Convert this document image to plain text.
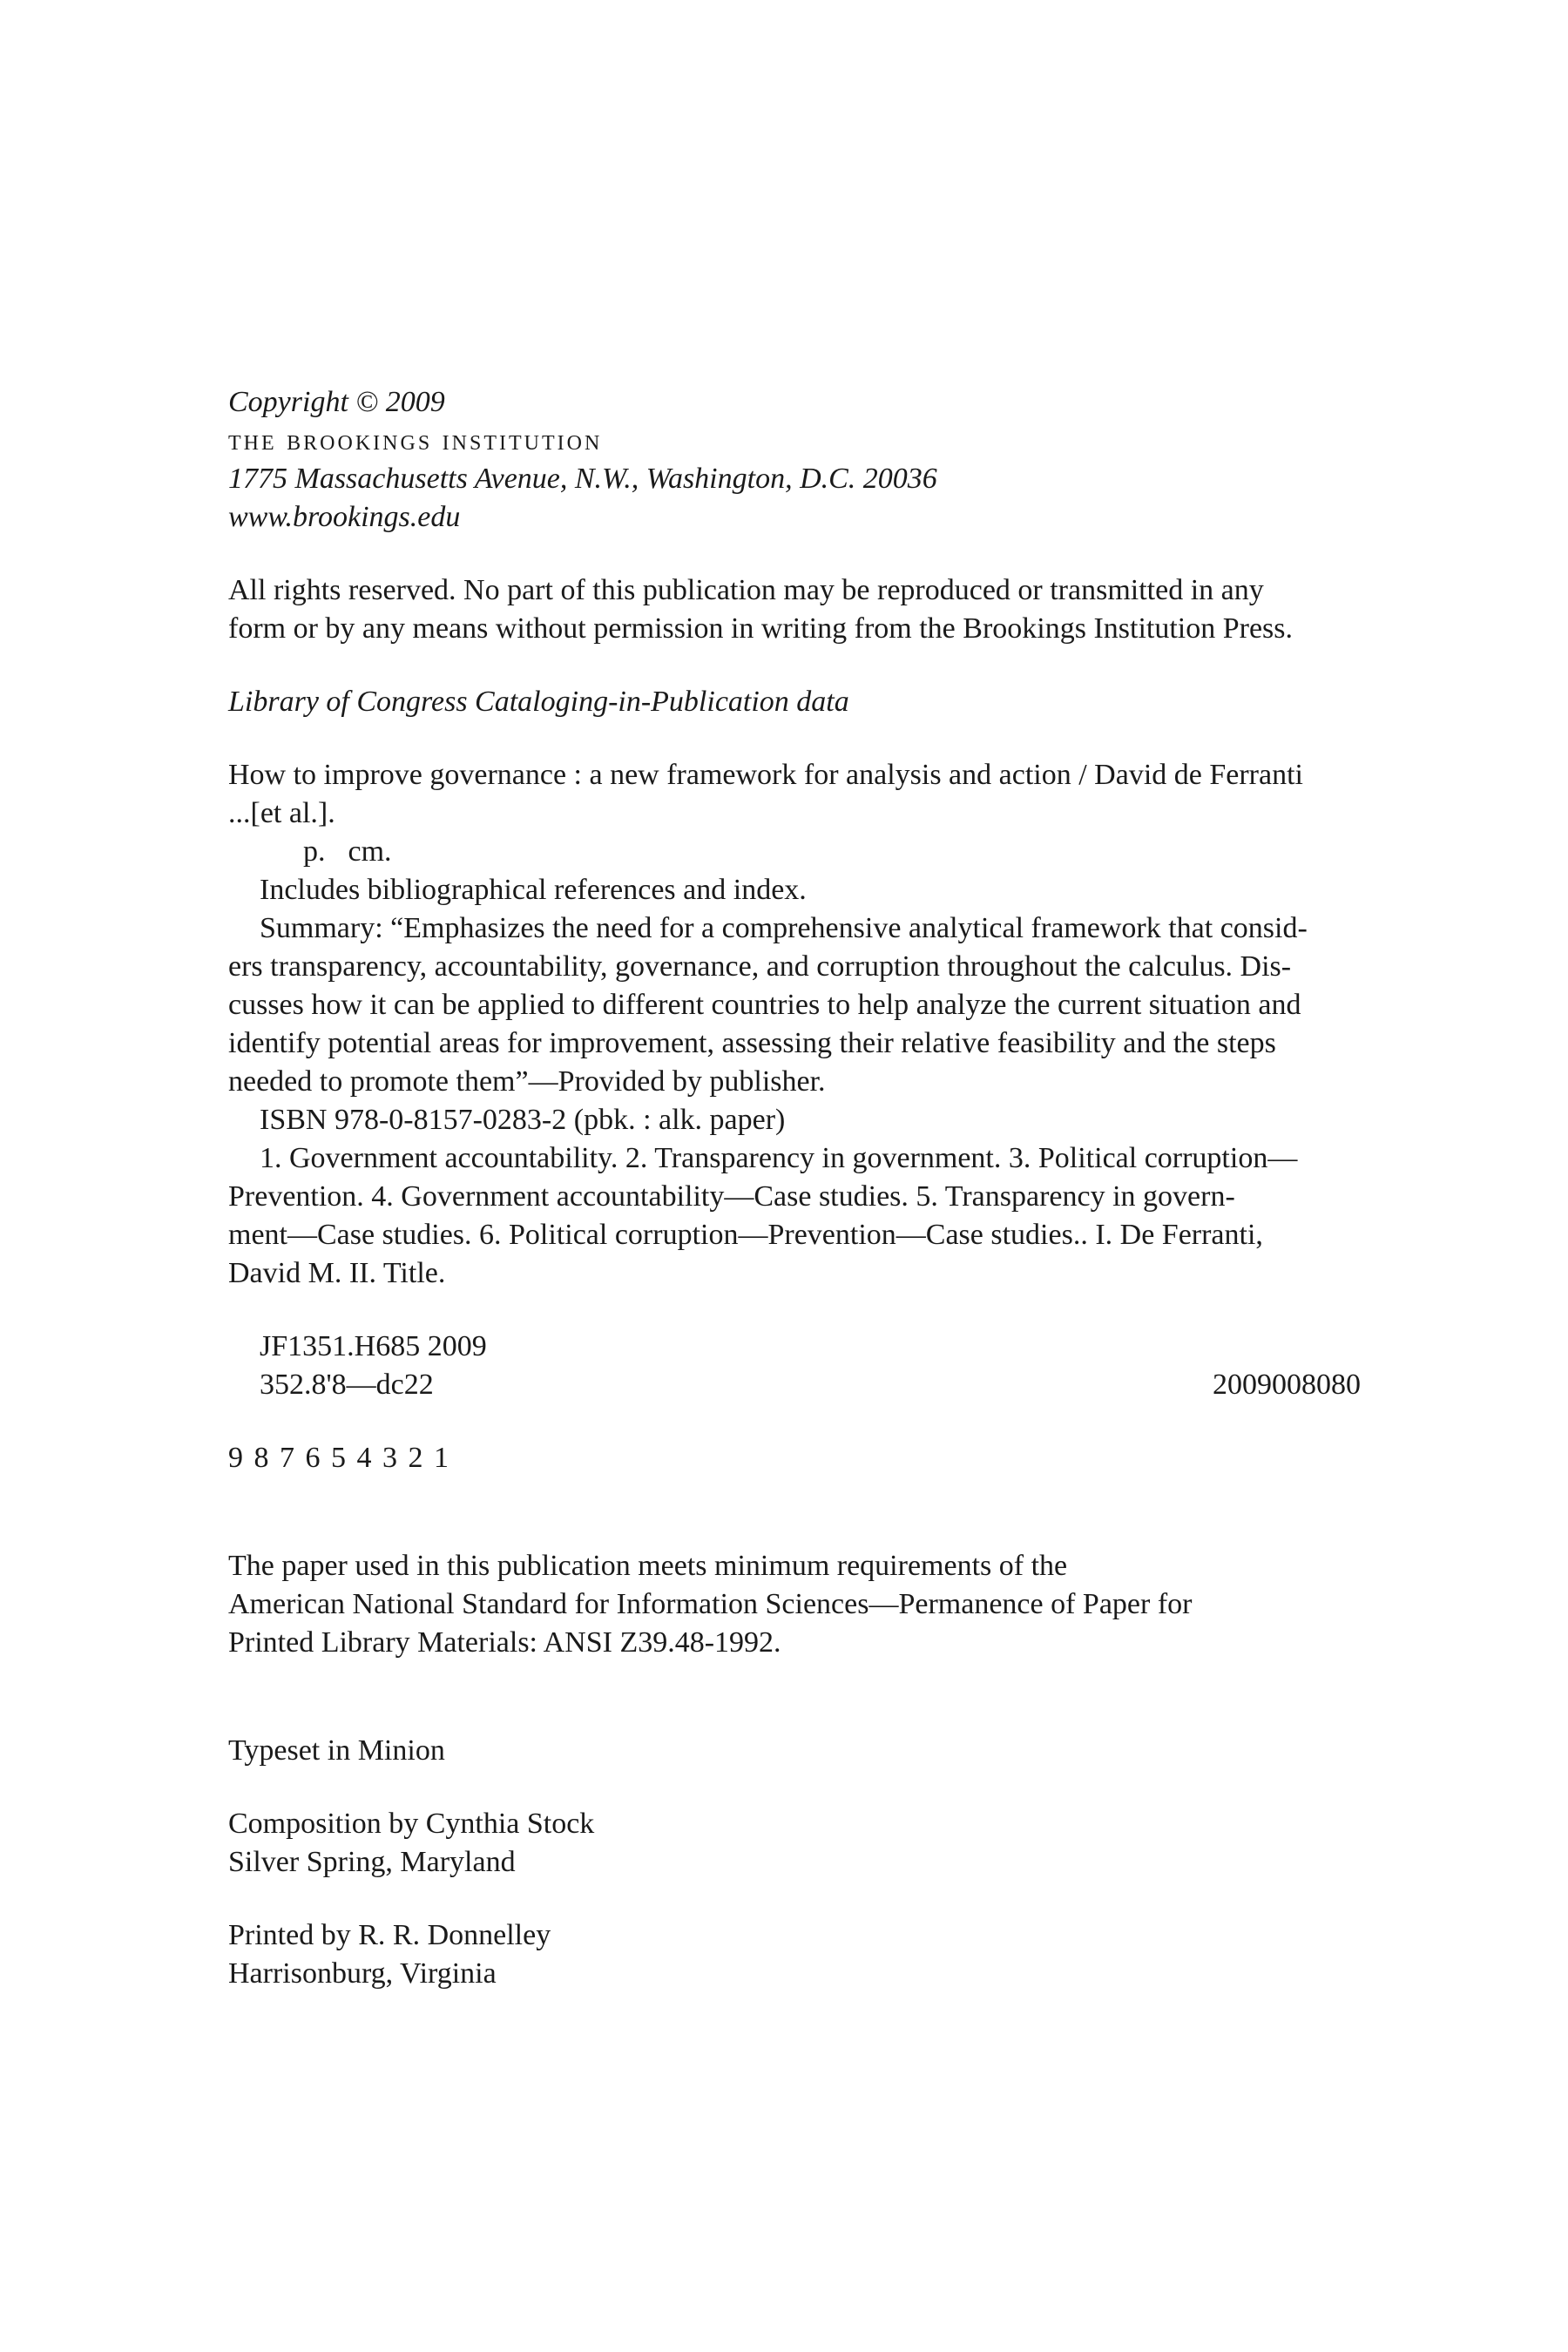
Copyright © 2009

the brookings institution

1775 Massachusetts Avenue, N.W., Washington, D.C. 20036

www.brookings.edu

All rights reserved. No part of this publication may be reproduced or transmitted in any

form or by any means without permission in writing from the Brookings Institution Press.

Library of Congress Cataloging-in-Publication data

How to improve governance : a new framework for analysis and action / David de Ferranti

...[et al.].

p. cm.

Includes bibliographical references and index.

Summary: “Emphasizes the need for a comprehensive analytical framework that consid-

ers transparency, accountability, governance, and corruption throughout the calculus. Dis-

cusses how it can be applied to different countries to help analyze the current situation and

identify potential areas for improvement, assessing their relative feasibility and the steps

needed to promote them”—Provided by publisher.

ISBN 978-0-8157-0283-2 (pbk. : alk. paper)

1. Government accountability. 2. Transparency in government. 3. Political corruption—

Prevention. 4. Government accountability—Case studies. 5. Transparency in govern-

ment—Case studies. 6. Political corruption—Prevention—Case studies.. I. De Ferranti,

David M. II. Title.

JF1351.H685 2009

352.8'8—dc22	2009008080

9 8 7 6 5 4 3 2 1

The paper used in this publication meets minimum requirements of the

American National Standard for Information Sciences—Permanence of Paper for

Printed Library Materials: ANSI Z39.48-1992.

Typeset in Minion

Composition by Cynthia Stock

Silver Spring, Maryland

Printed by R. R. Donnelley

Harrisonburg, Virginia
